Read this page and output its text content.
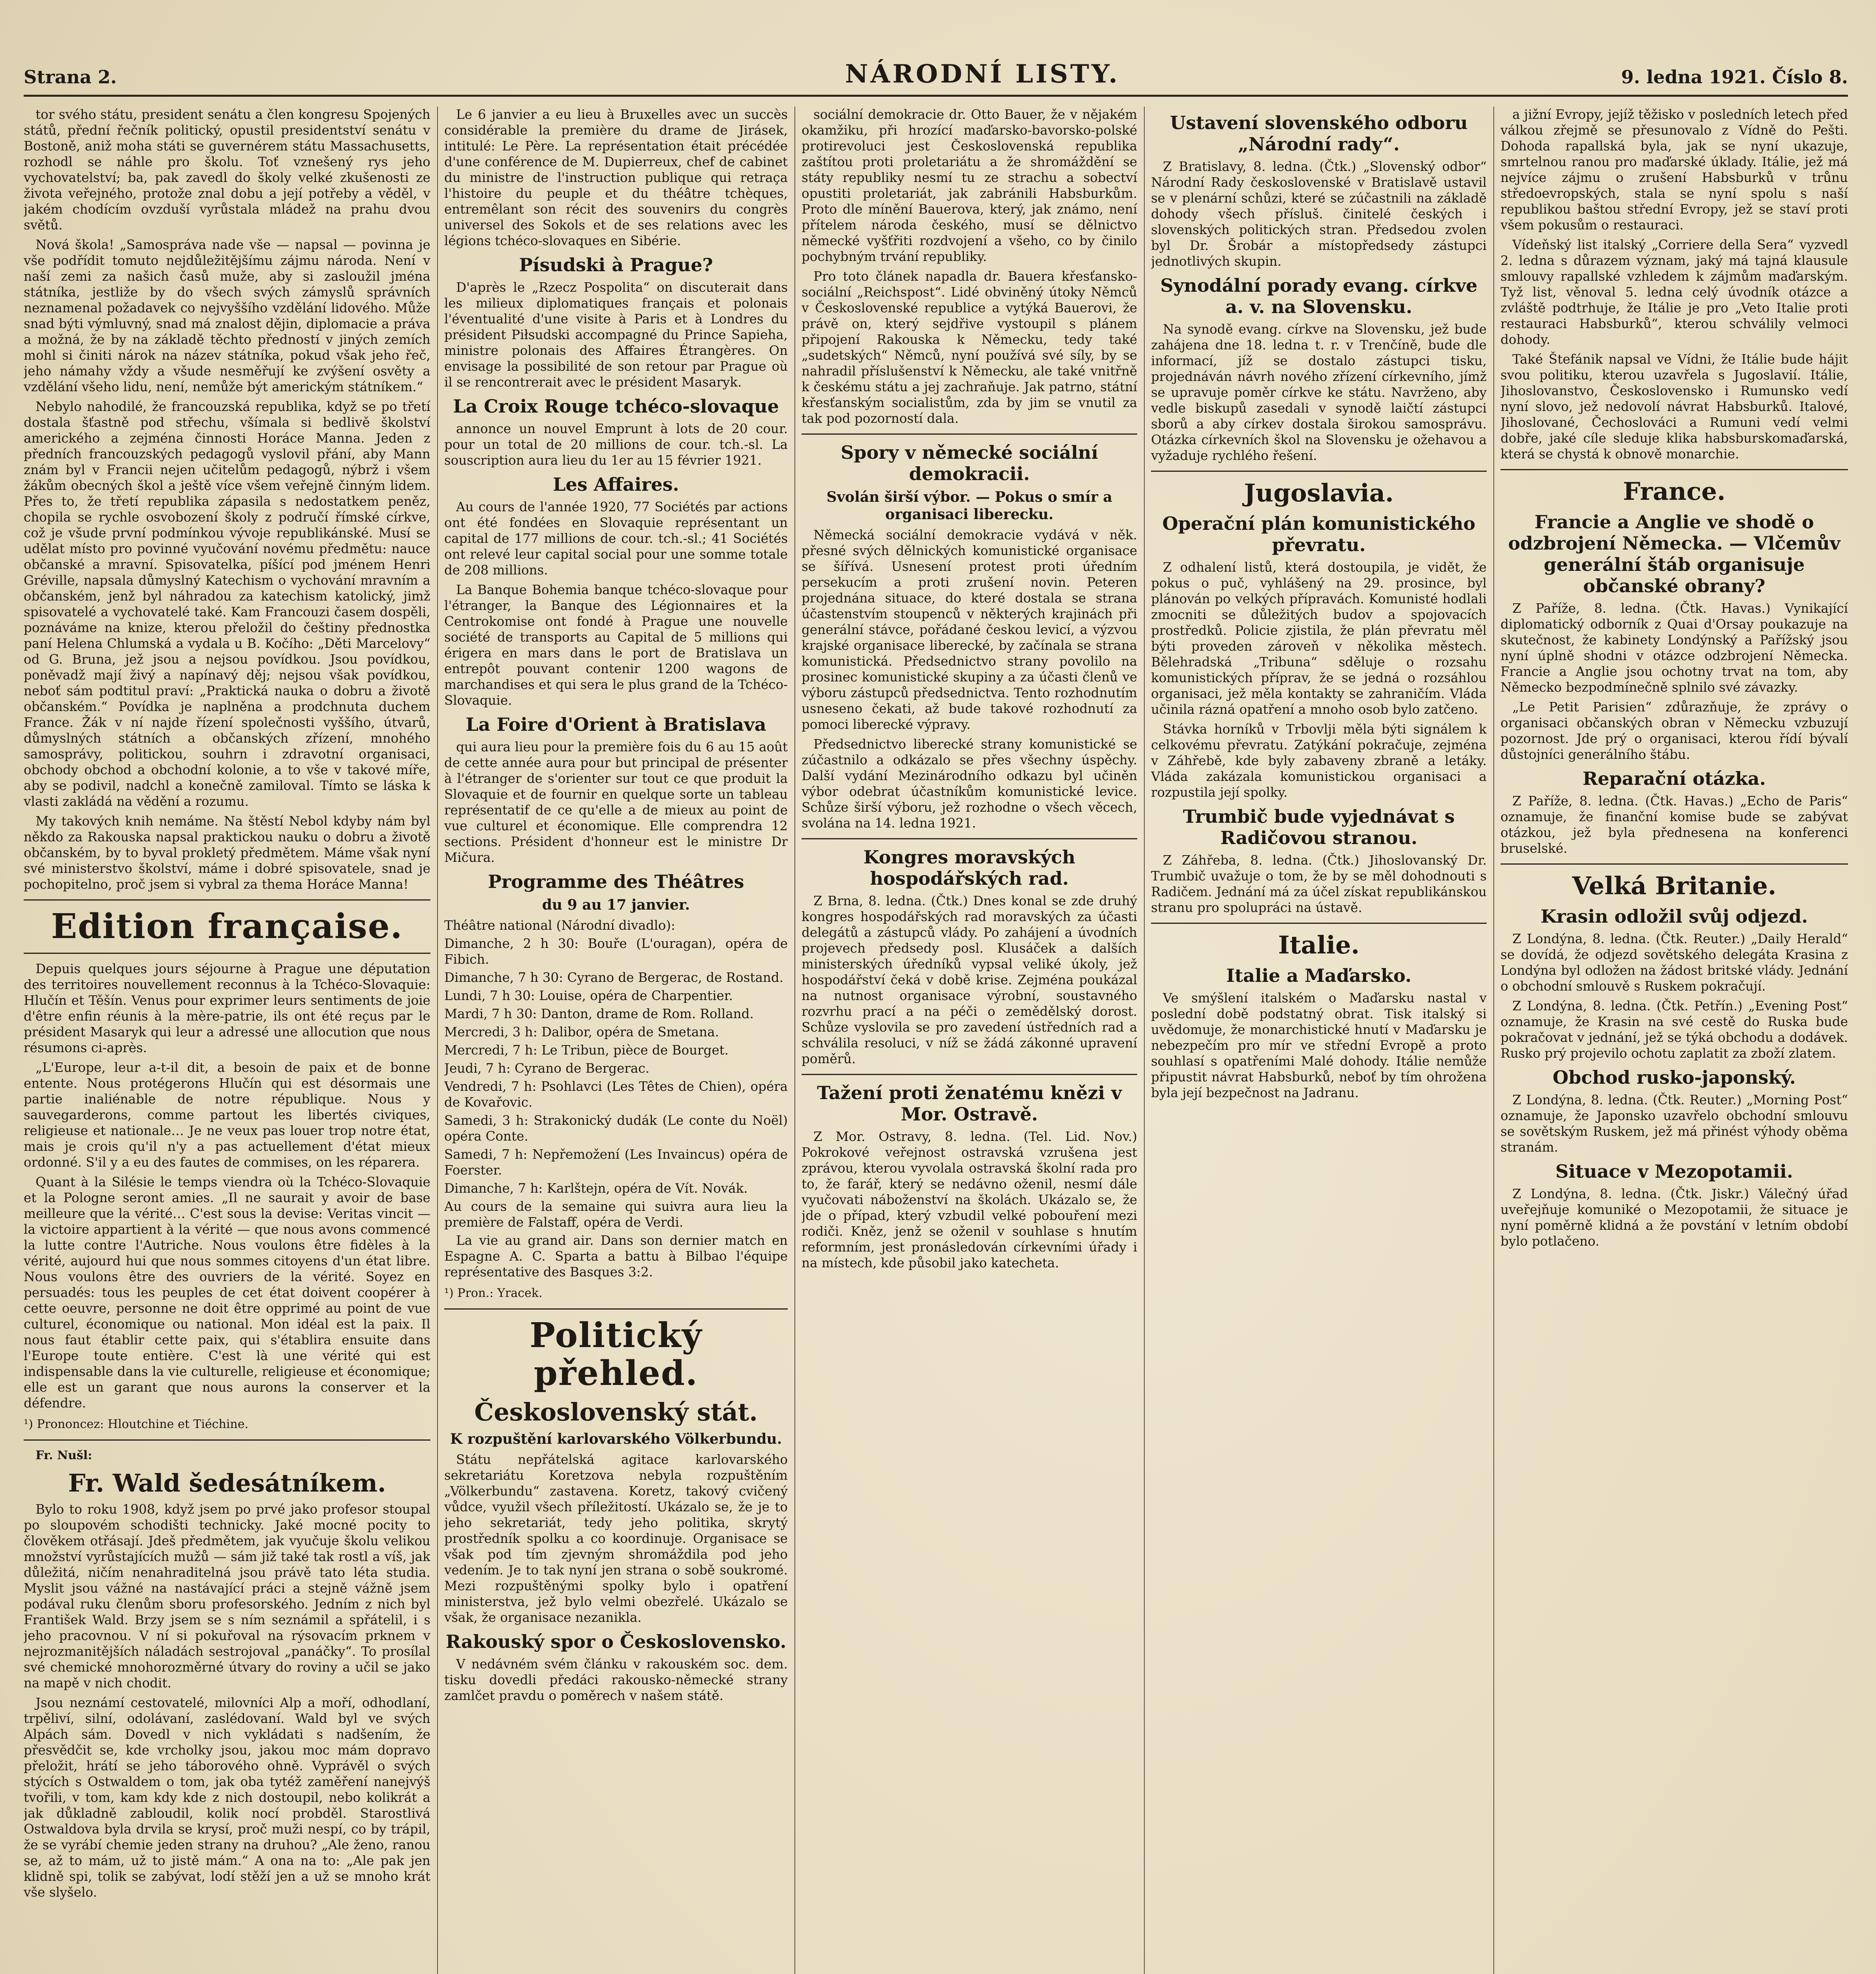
Strana 2.	NÁRODNÍ LISTY.	9. ledna 1921. Číslo 8.

tor svého státu, president senátu a člen kongresu Spojených států, přední řečník politický, opustil presidentství senátu v Bostoně, aniž moha státi se guvernérem státu Massachusetts, rozhodl se náhle pro školu. Toť vznešený rys jeho vychovatelství; ba, pak zavedl do školy velké zkušenosti ze života veřejného, protože znal dobu a její potřeby a věděl, v jakém chodícím ovzduší vyrůstala mládež na prahu dvou světů.

Nová škola! „Samospráva nade vše — napsal — povinna je vše podřídit tomuto nejdůležitějšímu zájmu národa. Není v naší zemi za našich časů muže, aby si zasloužil jména státníka, jestliže by do všech svých zámyslů správních neznamenal požadavek co nejvyššího vzdělání lidového. Může snad býti výmluvný, snad má znalost dějin, diplomacie a práva a možná, že by na základě těchto předností v jiných zemích mohl si činiti nárok na název státníka, pokud však jeho řeč, jeho námahy vždy a všude nesměřují ke zvýšení osvěty a vzdělání všeho lidu, není, nemůže být americkým státníkem.“

Nebylo nahodilé, že francouzská republika, když se po třetí dostala šťastně pod střechu, všímala si bedlivě školství amerického a zejména činnosti Horáce Manna. Jeden z předních francouzských pedagogů vyslovil přání, aby Mann znám byl v Francii nejen učitelům pedagogů, nýbrž i všem žákům obecných škol a ještě více všem veřejně činným lidem. Přes to, že třetí republika zápasila s nedostatkem peněz, chopila se rychle osvobození školy z područí římské církve, což je všude první podmínkou vývoje republikánské. Musí se udělat místo pro povinné vyučování novému předmětu: nauce občanské a mravní. Spisovatelka, píšící pod jménem Henri Gréville, napsala důmyslný Katechism o vychování mravním a občanském, jenž byl náhradou za katechism katolický, jimž spisovatelé a vychovatelé také. Kam Francouzi časem dospěli, poznáváme na knize, kterou přeložil do češtiny přednostka paní Helena Chlumská a vydala u B. Kočího: „Děti Marcelovy“ od G. Bruna, jež jsou a nejsou povídkou. Jsou povídkou, poněvadž mají živý a napínavý děj; nejsou však povídkou, neboť sám podtitul praví: „Praktická nauka o dobru a životě občanském.“ Povídka je naplněna a prodchnuta duchem France. Žák v ní najde řízení společnosti vyššího, útvarů, důmyslných státních a občanských zřízení, mnohého samosprávy, politickou, souhrn i zdravotní organisaci, obchody obchod a obchodní kolonie, a to vše v takové míře, aby se podivil, nadchl a konečně zamiloval. Tímto se láska k vlasti zakládá na vědění a rozumu.

My takových knih nemáme. Na štěstí Nebol kdyby nám byl někdo za Rakouska napsal praktickou nauku o dobru a životě občanském, by to byval prokletý předmětem. Máme však nyní své ministerstvo školství, máme i dobré spisovatele, snad je pochopitelno, proč jsem si vybral za thema Horáce Manna!

Edition française.

Depuis quelques jours séjourne à Prague une députation des territoires nouvellement reconnus à la Tchéco-Slovaquie: Hlučín et Těšín. Venus pour exprimer leurs sentiments de joie d'être enfin réunis à la mère-patrie, ils ont été reçus par le président Masaryk qui leur a adressé une allocution que nous résumons ci-après.

„L'Europe, leur a-t-il dit, a besoin de paix et de bonne entente. Nous protégerons Hlučín qui est désormais une partie inaliénable de notre république. Nous y sauvegarderons, comme partout les libertés civiques, religieuse et nationale… Je ne veux pas louer trop notre état, mais je crois qu'il n'y a pas actuellement d'état mieux ordonné. S'il y a eu des fautes de commises, on les réparera.

Quant à la Silésie le temps viendra où la Tchéco-Slovaquie et la Pologne seront amies. „Il ne saurait y avoir de base meilleure que la vérité… C'est sous la devise: Veritas vincit — la victoire appartient à la vérité — que nous avons commencé la lutte contre l'Autriche. Nous voulons être fidèles à la vérité, aujourd hui que nous sommes citoyens d'un état libre. Nous voulons être des ouvriers de la vérité. Soyez en persuadés: tous les peuples de cet état doivent coopérer à cette oeuvre, personne ne doit être opprimé au point de vue culturel, économique ou national. Mon idéal est la paix. Il nous faut établir cette paix, qui s'établira ensuite dans l'Europe toute entière. C'est là une vérité qui est indispensable dans la vie culturelle, religieuse et économique; elle est un garant que nous aurons la conserver et la défendre.

¹) Prononcez: Hloutchine et Tiéchine.

Fr. Nušl:

Fr. Wald šedesátníkem.

Bylo to roku 1908, když jsem po prvé jako profesor stoupal po sloupovém schodišti technicky. Jaké mocné pocity to člověkem otřásají. Jdeš předmětem, jak vyučuje školu velikou množství vyrůstajících mužů — sám již také tak rostl a víš, jak důležitá, ničím nenahraditelná jsou právě tato léta studia. Myslit jsou vážné na nastávající práci a stejně vážně jsem podával ruku členům sboru profesorského. Jedním z nich byl František Wald. Brzy jsem se s ním seznámil a spřátelil, i s jeho pracovnou. V ní si pokuřoval na rýsovacím prknem v nejrozmanitějších náladách sestrojoval „panáčky“. To prosílal své chemické mnohorozměrné útvary do roviny a učil se jako na mapě v nich chodit.

Jsou neznámí cestovatelé, milovníci Alp a moří, odhodlaní, trpěliví, silní, odolávaní, zaslédovaní. Wald byl ve svých Alpách sám. Dovedl v nich vykládati s nadšením, že přesvědčit se, kde vrcholky jsou, jakou moc mám dopravo přeložit, hrátí se jeho táborového ohně. Vyprávěl o svých stýcích s Ostwaldem o tom, jak oba tytéž zaměření nanejvýš tvořili, v tom, kam kdy kde z nich dostoupil, nebo kolikrát a jak důkladně zabloudil, kolik nocí probděl. Starostlivá Ostwaldova byla drvila se krysí, proč muži nespí, co by trápil, že se vyrábí chemie jeden strany na druhou? „Ale ženo, ranou se, až to mám, už to jistě mám.“ A ona na to: „Ale pak jen klidně spi, tolik se zabývat, lodí stěží jen a už se mnoho krát vše slyšelo.

Le 6 janvier a eu lieu à Bruxelles avec un succès considérable la première du drame de Jirásek, intitulé: Le Père. La représentation était précédée d'une conférence de M. Dupierreux, chef de cabinet du ministre de l'instruction publique qui retraça l'histoire du peuple et du théâtre tchèques, entremêlant son récit des souvenirs du congrès universel des Sokols et de ses relations avec les légions tchéco-slovaques en Sibérie.

Písudski à Prague?

D'après le „Rzecz Pospolita“ on discuterait dans les milieux diplomatiques français et polonais l'éventualité d'une visite à Paris et à Londres du président Piłsudski accompagné du Prince Sapieha, ministre polonais des Affaires Étrangères. On envisage la possibilité de son retour par Prague où il se rencontrerait avec le président Masaryk.

La Croix Rouge tchéco-slovaque

annonce un nouvel Emprunt à lots de 20 cour. pour un total de 20 millions de cour. tch.-sl. La souscription aura lieu du 1er au 15 février 1921.

Les Affaires.

Au cours de l'année 1920, 77 Sociétés par actions ont été fondées en Slovaquie représentant un capital de 177 millions de cour. tch.-sl.; 41 Sociétés ont relevé leur capital social pour une somme totale de 208 millions.

La Banque Bohemia banque tchéco-slovaque pour l'étranger, la Banque des Légionnaires et la Centrokomise ont fondé à Prague une nouvelle société de transports au Capital de 5 millions qui érigera en mars dans le port de Bratislava un entrepôt pouvant contenir 1200 wagons de marchandises et qui sera le plus grand de la Tchéco-Slovaquie.

La Foire d'Orient à Bratislava

qui aura lieu pour la première fois du 6 au 15 août de cette année aura pour but principal de présenter à l'étranger de s'orienter sur tout ce que produit la Slovaquie et de fournir en quelque sorte un tableau représentatif de ce qu'elle a de mieux au point de vue culturel et économique. Elle comprendra 12 sections. Président d'honneur est le ministre Dr Mičura.

Programme des Théâtres
du 9 au 17 janvier.

Théâtre national (Národní divadlo):

Dimanche, 2 h 30: Bouře (L'ouragan), opéra de Fibich.

Dimanche, 7 h 30: Cyrano de Bergerac, de Rostand.

Lundi, 7 h 30: Louise, opéra de Charpentier.

Mardi, 7 h 30: Danton, drame de Rom. Rolland.

Mercredi, 3 h: Dalibor, opéra de Smetana.

Mercredi, 7 h: Le Tribun, pièce de Bourget.

Jeudi, 7 h: Cyrano de Bergerac.

Vendredi, 7 h: Psohlavci (Les Têtes de Chien), opéra de Kovařovic.

Samedi, 3 h: Strakonický dudák (Le conte du Noël) opéra Conte.

Samedi, 7 h: Nepřemožení (Les Invaincus) opéra de Foerster.

Dimanche, 7 h: Karlštejn, opéra de Vít. Novák.

Au cours de la semaine qui suivra aura lieu la première de Falstaff, opéra de Verdi.

La vie au grand air. Dans son dernier match en Espagne A. C. Sparta a battu à Bilbao l'équipe représentative des Basques 3:2.

¹) Pron.: Yracek.

Politický přehled.
Československý stát.
K rozpuštění karlovarského Völkerbundu.

Státu nepřátelská agitace karlovarského sekretariátu Koretzova nebyla rozpuštěním „Völkerbundu“ zastavena. Koretz, takový cvičený vůdce, využil všech příležitostí. Ukázalo se, že je to jeho sekretariát, tedy jeho politika, skrytý prostředník spolku a co koordinuje. Organisace se však pod tím zjevným shromáždila pod jeho vedením. Je to tak nyní jen strana o sobě soukromé. Mezi rozpuštěnými spolky bylo i opatření ministerstva, jež bylo velmi obezřelé. Ukázalo se však, že organisace nezanikla.

Rakouský spor o Československo.

V nedávném svém článku v rakouském soc. dem. tisku dovedli předáci rakousko-německé strany zamlčet pravdu o poměrech v našem státě.

sociální demokracie dr. Otto Bauer, že v nějakém okamžiku, při hrozící maďarsko-bavorsko-polské protirevoluci jest Československá republika zaštítou proti proletariátu a že shromáždění se státy republiky nesmí tu ze strachu a sobectví opustiti proletariát, jak zabránili Habsburkům. Proto dle mínění Bauerova, který, jak známo, není přítelem národa českého, musí se dělnictvo německé vyšťřiti rozdvojení a všeho, co by činilo pochybným trvání republiky.

Pro toto článek napadla dr. Bauera křesťansko-sociální „Reichspost“. Lidé obviněný útoky Němců v Československé republice a vytýká Bauerovi, že právě on, který sejdřive vystoupil s plánem připojení Rakouska k Německu, tedy také „sudetských“ Němců, nyní používá své síly, by se nahradil příslušenství k Německu, ale také vnitřně k českému státu a jej zachraňuje. Jak patrno, státní křesťanským socialistům, zda by jim se vnutil za tak pod pozorností dala.

Spory v německé sociální demokracii.
Svolán širší výbor. — Pokus o smír a organisaci liberecku.

Německá sociální demokracie vydává v něk. přesné svých dělnických komunistické organisace se šířívá. Usnesení protest proti úředním persekucím a proti zrušení novin. Peteren projednána situace, do které dostala se strana účastenstvím stoupenců v některých krajinách při generální stávce, pořádané českou levicí, a výzvou krajské organisace liberecké, by začínala se strana komunistická. Předsednictvo strany povolilo na prosinec komunistické skupiny a za účasti členů ve výboru zástupců předsednictva. Tento rozhodnutím usneseno čekati, až bude takové rozhodnutí za pomoci liberecké výpravy.

Předsednictvo liberecké strany komunistické se zúčastnilo a odkázalo se přes všechny úspěchy. Další vydání Mezinárodního odkazu byl učiněn výbor odebrat účastníkům komunistické levice. Schůze širší výboru, jež rozhodne o všech věcech, svolána na 14. ledna 1921.

Kongres moravských hospodářských rad.

Z Brna, 8. ledna. (Čtk.) Dnes konal se zde druhý kongres hospodářských rad moravských za účasti delegátů a zástupců vlády. Po zahájení a úvodních projevech předsedy posl. Klusáček a dalších ministerských úředníků vypsal veliké úkoly, jež hospodářství čeká v době krise. Zejména poukázal na nutnost organisace výrobní, soustavného rozvrhu prací a na péči o zemědělský dorost. Schůze vyslovila se pro zavedení ústředních rad a schválila resoluci, v níž se žádá zákonné upravení poměrů.

Tažení proti ženatému knězi v Mor. Ostravě.

Z Mor. Ostravy, 8. ledna. (Tel. Lid. Nov.) Pokrokové veřejnost ostravská vzrušena jest zprávou, kterou vyvolala ostravská školní rada pro to, že farář, který se nedávno oženil, nesmí dále vyučovati náboženství na školách. Ukázalo se, že jde o případ, který vzbudil velké pobouření mezi rodiči. Kněz, jenž se oženil v souhlase s hnutím reformním, jest pronásledován církevními úřady i na místech, kde působil jako katecheta.

Ustavení slovenského odboru „Národní rady“.

Z Bratislavy, 8. ledna. (Čtk.) „Slovenský odbor“ Národní Rady československé v Bratislavě ustavil se v plenární schůzi, které se zúčastnili na základě dohody všech přísluš. činitelé českých i slovenských politických stran. Předsedou zvolen byl Dr. Šrobár a místopředsedy zástupci jednotlivých skupin.

Synodální porady evang. církve a. v. na Slovensku.

Na synodě evang. církve na Slovensku, jež bude zahájena dne 18. ledna t. r. v Trenčíně, bude dle informací, jíž se dostalo zástupci tisku, projednáván návrh nového zřízení církevního, jímž se upravuje poměr církve ke státu. Navrženo, aby vedle biskupů zasedali v synodě laičtí zástupci sborů a aby církev dostala širokou samosprávu. Otázka církevních škol na Slovensku je ožehavou a vyžaduje rychlého řešení.

Jugoslavia.
Operační plán komunistického převratu.

Z odhalení listů, která dostoupila, je vidět, že pokus o puč, vyhlášený na 29. prosince, byl plánován po velkých přípravách. Komunisté hodlali zmocniti se důležitých budov a spojovacích prostředků. Policie zjistila, že plán převratu měl býti proveden zároveň v několika městech. Bělehradská „Tribuna“ sděluje o rozsahu komunistických příprav, že se jedná o rozsáhlou organisaci, jež měla kontakty se zahraničím. Vláda učinila rázná opatření a mnoho osob bylo zatčeno.

Stávka horníků v Trbovlji měla býti signálem k celkovému převratu. Zatýkání pokračuje, zejména v Záhřebě, kde byly zabaveny zbraně a letáky. Vláda zakázala komunistickou organisaci a rozpustila její spolky.

Trumbič bude vyjednávat s Radičovou stranou.

Z Záhřeba, 8. ledna. (Čtk.) Jihoslovanský Dr. Trumbič uvažuje o tom, že by se měl dohodnouti s Radičem. Jednání má za účel získat republikánskou stranu pro spolupráci na ústavě.

Italie.
Italie a Maďarsko.

Ve smýšlení italském o Maďarsku nastal v poslední době podstatný obrat. Tisk italský si uvědomuje, že monarchistické hnutí v Maďarsku je nebezpečím pro mír ve střední Evropě a proto souhlasí s opatřeními Malé dohody. Itálie nemůže připustit návrat Habsburků, neboť by tím ohrožena byla její bezpečnost na Jadranu.

a jižní Evropy, jejíž těžisko v posledních letech před válkou zřejmě se přesunovalo z Vídně do Pešti. Dohoda rapallská byla, jak se nyní ukazuje, smrtelnou ranou pro maďarské úklady. Itálie, jež má nejvíce zájmu o zrušení Habsburků v trůnu středoevropských, stala se nyní spolu s naší republikou baštou střední Evropy, jež se staví proti všem pokusům o restauraci.

Vídeňský list italský „Corriere della Sera“ vyzvedl 2. ledna s důrazem význam, jaký má tajná klausule smlouvy rapallské vzhledem k zájmům maďarským. Tyž list, věnoval 5. ledna celý úvodník otázce a zvláště podtrhuje, že Itálie je pro „Veto Italie proti restauraci Habsburků“, kterou schválily velmoci dohody.

Také Štefánik napsal ve Vídni, že Itálie bude hájit svou politiku, kterou uzavřela s Jugoslavií. Itálie, Jihoslovanstvo, Československo i Rumunsko vedí nyní slovo, jež nedovolí návrat Habsburků. Italové, Jihoslované, Čechoslováci a Rumuni vedí velmi dobře, jaké cíle sleduje klika habsburskomaďarská, která se chystá k obnově monarchie.

France.
Francie a Anglie ve shodě o odzbrojení Německa. — Vlčemův generální štáb organisuje občanské obrany?

Z Paříže, 8. ledna. (Čtk. Havas.) Vynikající diplomatický odborník z Quai d'Orsay poukazuje na skutečnost, že kabinety Londýnský a Pařížský jsou nyní úplně shodni v otázce odzbrojení Německa. Francie a Anglie jsou ochotny trvat na tom, aby Německo bezpodmínečně splnilo své závazky.

„Le Petit Parisien“ zdůrazňuje, že zprávy o organisaci občanských obran v Německu vzbuzují pozornost. Jde prý o organisaci, kterou řídí bývalí důstojníci generálního štábu.

Reparační otázka.

Z Paříže, 8. ledna. (Čtk. Havas.) „Echo de Paris“ oznamuje, že finanční komise bude se zabývat otázkou, jež byla přednesena na konferenci bruselské.

Velká Britanie.
Krasin odložil svůj odjezd.

Z Londýna, 8. ledna. (Čtk. Reuter.) „Daily Herald“ se dovídá, že odjezd sovětského delegáta Krasina z Londýna byl odložen na žádost britské vlády. Jednání o obchodní smlouvě s Ruskem pokračují.

Z Londýna, 8. ledna. (Čtk. Petřín.) „Evening Post“ oznamuje, že Krasin na své cestě do Ruska bude pokračovat v jednání, jež se týká obchodu a dodávek. Rusko prý projevilo ochotu zaplatit za zboží zlatem.

Obchod rusko-japonský.

Z Londýna, 8. ledna. (Čtk. Reuter.) „Morning Post“ oznamuje, že Japonsko uzavřelo obchodní smlouvu se sovětským Ruskem, jež má přinést výhody oběma stranám.

Situace v Mezopotamii.

Z Londýna, 8. ledna. (Čtk. Jiskr.) Válečný úřad uveřejňuje komuniké o Mezopotamii, že situace je nyní poměrně klidná a že povstání v letním období bylo potlačeno.
